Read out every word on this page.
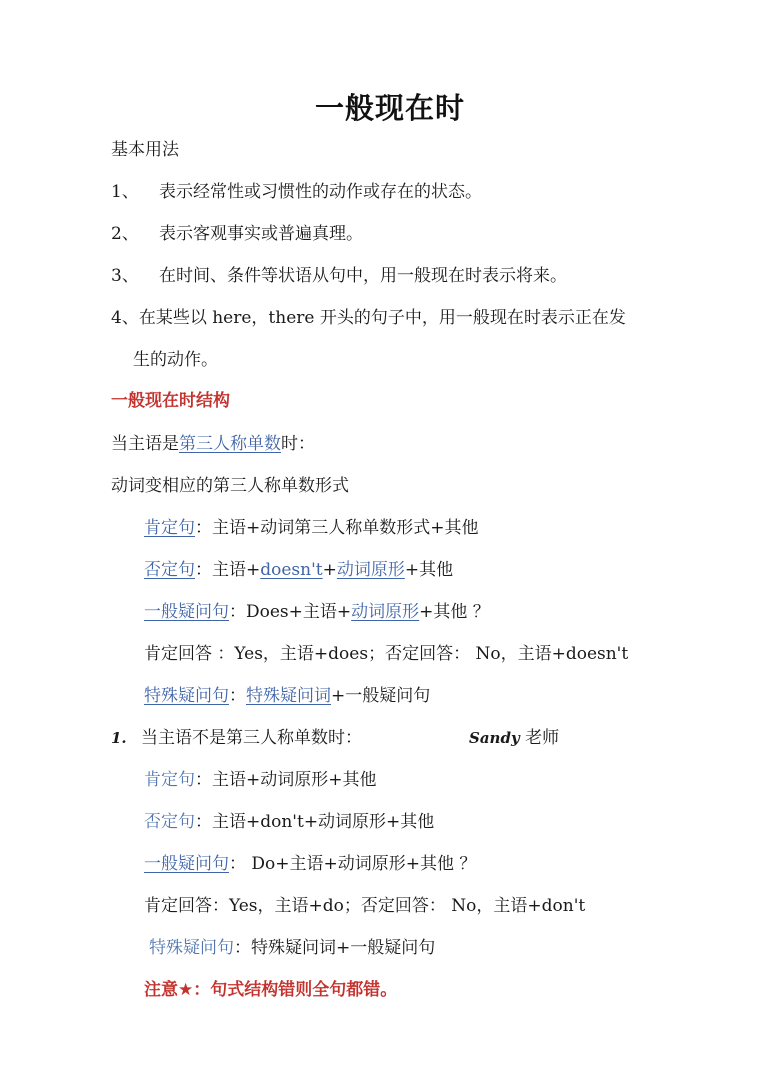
一般现在时
基本用法
1、 表示经常性或习惯性的动作或存在的状态。
2、 表示客观事实或普遍真理。
3、 在时间、条件等状语从句中，用一般现在时表示将来。
4、在某些以 here，there 开头的句子中，用一般现在时表示正在发
生的动作。
一般现在时结构
当主语是第三人称单数时：
动词变相应的第三人称单数形式
肯定句：主语+动词第三人称单数形式+其他
否定句：主语+doesn't+动词原形+其他
一般疑问句：Does+主语+动词原形+其他 ？
肯定回答 ：Yes，主语+does；否定回答： No，主语+doesn't
特殊疑问句：特殊疑问词+一般疑问句
1. 当主语不是第三人称单数时：	Sandy 老师
肯定句：主语+动词原形+其他
否定句：主语+don't+动词原形+其他
一般疑问句： Do+主语+动词原形+其他 ？
肯定回答：Yes，主语+do；否定回答： No，主语+don't
特殊疑问句：特殊疑问词+一般疑问句
注意★：句式结构错则全句都错。
